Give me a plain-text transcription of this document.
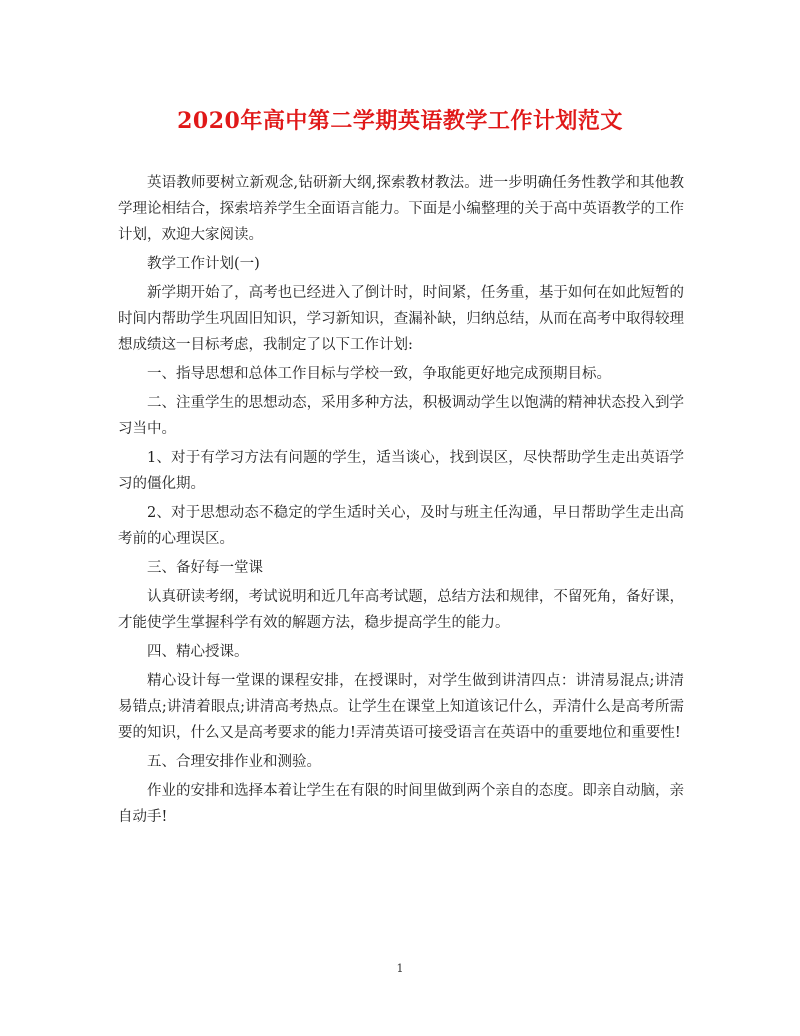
2020年高中第二学期英语教学工作计划范文

英语教师要树立新观念,钻研新大纲,探索教材教法。进一步明确任务性教学和其他教学理论相结合，探索培养学生全面语言能力。下面是小编整理的关于高中英语教学的工作计划，欢迎大家阅读。

教学工作计划(一)

新学期开始了，高考也已经进入了倒计时，时间紧，任务重，基于如何在如此短暂的时间内帮助学生巩固旧知识，学习新知识，查漏补缺，归纳总结，从而在高考中取得较理想成绩这一目标考虑，我制定了以下工作计划:

一、指导思想和总体工作目标与学校一致，争取能更好地完成预期目标。

二、注重学生的思想动态，采用多种方法，积极调动学生以饱满的精神状态投入到学习当中。

1、对于有学习方法有问题的学生，适当谈心，找到误区，尽快帮助学生走出英语学习的僵化期。

2、对于思想动态不稳定的学生适时关心，及时与班主任沟通，早日帮助学生走出高考前的心理误区。

三、备好每一堂课

认真研读考纲，考试说明和近几年高考试题，总结方法和规律，不留死角，备好课，才能使学生掌握科学有效的解题方法，稳步提高学生的能力。

四、精心授课。

精心设计每一堂课的课程安排，在授课时，对学生做到讲清四点：讲清易混点;讲清易错点;讲清着眼点;讲清高考热点。让学生在课堂上知道该记什么，弄清什么是高考所需要的知识，什么又是高考要求的能力!弄清英语可接受语言在英语中的重要地位和重要性!

五、合理安排作业和测验。

作业的安排和选择本着让学生在有限的时间里做到两个亲自的态度。即亲自动脑，亲自动手!

1
